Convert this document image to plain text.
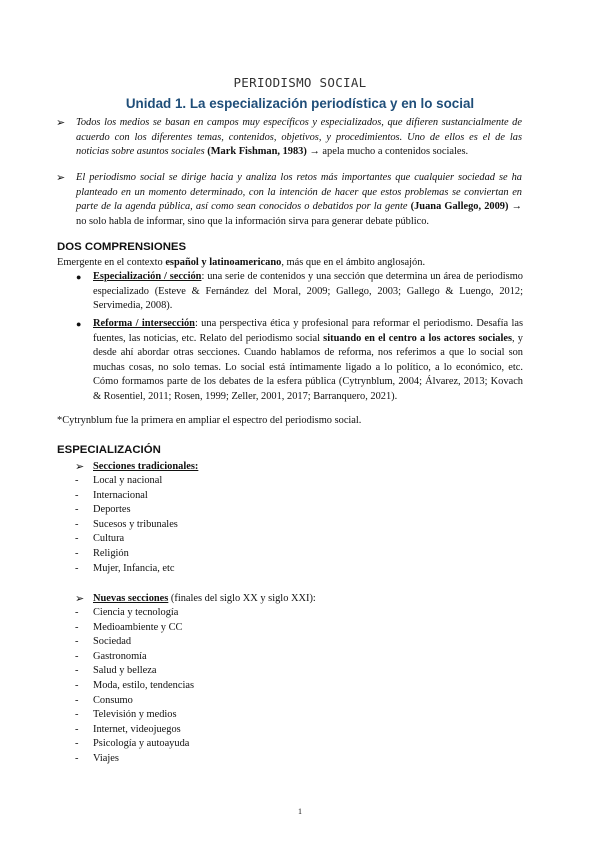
PERIODISMO SOCIAL
Unidad 1. La especialización periodística y en lo social
➢ Todos los medios se basan en campos muy específicos y especializados, que difieren sustancialmente de acuerdo con los diferentes temas, contenidos, objetivos, y procedimientos. Uno de ellos es el de las noticias sobre asuntos sociales (Mark Fishman, 1983) → apela mucho a contenidos sociales.
➢ El periodismo social se dirige hacia y analiza los retos más importantes que cualquier sociedad se ha planteado en un momento determinado, con la intención de hacer que estos problemas se conviertan en parte de la agenda pública, así como sean conocidos o debatidos por la gente (Juana Gallego, 2009) → no solo habla de informar, sino que la información sirva para generar debate público.
DOS COMPRENSIONES
Emergente en el contexto español y latinoamericano, más que en el ámbito anglosajón.
● Especialización / sección: una serie de contenidos y una sección que determina un área de periodismo especializado (Esteve & Fernández del Moral, 2009; Gallego, 2003; Gallego & Luengo, 2012; Servimedia, 2008).
● Reforma / intersección: una perspectiva ética y profesional para reformar el periodismo. Desafía las fuentes, las noticias, etc. Relato del periodismo social situando en el centro a los actores sociales, y desde ahí abordar otras secciones. Cuando hablamos de reforma, nos referimos a que lo social son muchas cosas, no solo temas. Lo social está íntimamente ligado a lo político, a lo económico, etc. Cómo formamos parte de los debates de la esfera pública (Cytrynblum, 2004; Álvarez, 2013; Kovach & Rosentiel, 2011; Rosen, 1999; Zeller, 2001, 2017; Barranquero, 2021).
*Cytrynblum fue la primera en ampliar el espectro del periodismo social.
ESPECIALIZACIÓN
➢ Secciones tradicionales:
- Local y nacional
- Internacional
- Deportes
- Sucesos y tribunales
- Cultura
- Religión
- Mujer, Infancia, etc
➢ Nuevas secciones (finales del siglo XX y siglo XXI):
- Ciencia y tecnología
- Medioambiente y CC
- Sociedad
- Gastronomía
- Salud y belleza
- Moda, estilo, tendencias
- Consumo
- Televisión y medios
- Internet, videojuegos
- Psicología y autoayuda
- Viajes
1
